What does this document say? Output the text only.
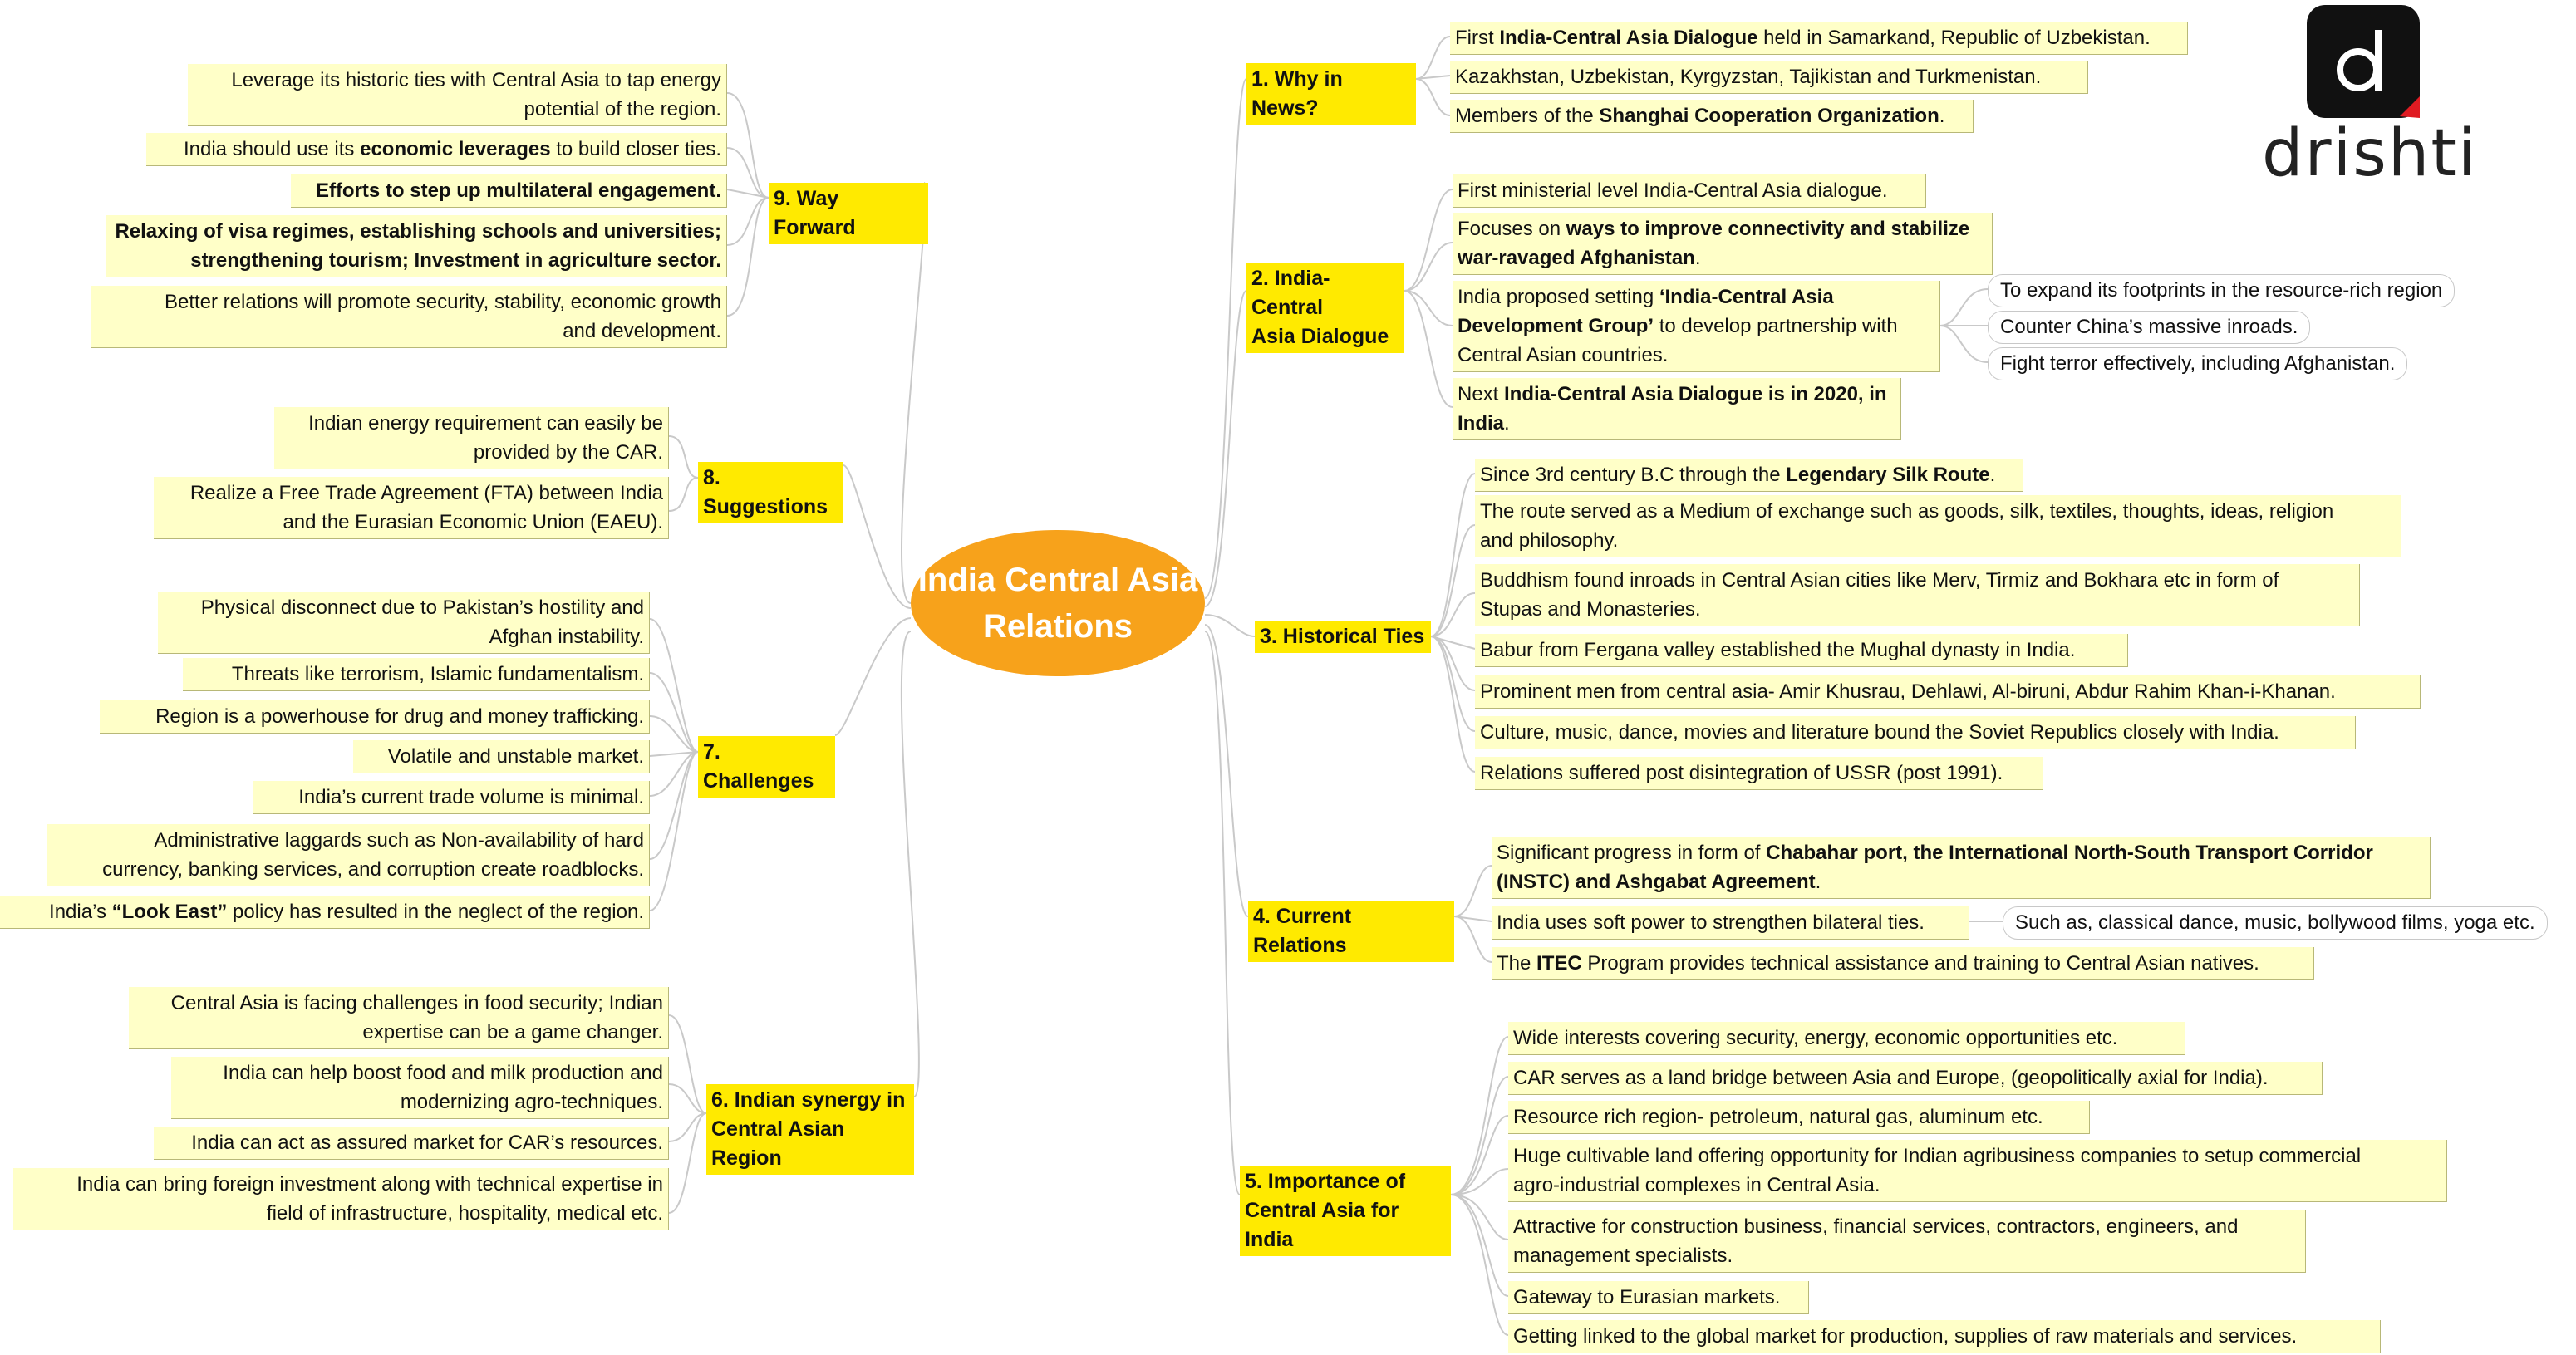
India Central Asia Relations
drishti
1. Why in News?
2. India-Central
Asia Dialogue
3. Historical Ties
4. Current Relations
5. Importance of
Central Asia for India
9. Way Forward
8. Suggestions
7. Challenges
6. Indian synergy in
Central Asian Region
First India-Central Asia Dialogue held in Samarkand, Republic of Uzbekistan.
Kazakhstan, Uzbekistan, Kyrgyzstan, Tajikistan and Turkmenistan.
Members of the Shanghai Cooperation Organization.
First ministerial level India-Central Asia dialogue.
Focuses on ways to improve connectivity and stabilize
war-ravaged Afghanistan.
India proposed setting ‘India-Central Asia
Development Group’ to develop partnership with
Central Asian countries.
Next India-Central Asia Dialogue is in 2020, in
India.
To expand its footprints in the resource-rich region
Counter China’s massive inroads.
Fight terror effectively, including Afghanistan.
Since 3rd century B.C through the Legendary Silk Route.
The route served as a Medium of exchange such as goods, silk, textiles, thoughts, ideas, religion
and philosophy.
Buddhism found inroads in Central Asian cities like Merv, Tirmiz and Bokhara etc in form of
Stupas and Monasteries.
Babur from Fergana valley established the Mughal dynasty in India.
Prominent men from central asia- Amir Khusrau, Dehlawi, Al-biruni, Abdur Rahim Khan-i-Khanan.
Culture, music, dance, movies and literature bound the Soviet Republics closely with India.
Relations suffered post disintegration of USSR (post 1991).
Significant progress in form of Chabahar port, the International North-South Transport Corridor
(INSTC) and Ashgabat Agreement.
India uses soft power to strengthen bilateral ties.
The ITEC Program provides technical assistance and training to Central Asian natives.
Such as, classical dance, music, bollywood films, yoga etc.
Wide interests covering security, energy, economic opportunities etc.
CAR serves as a land bridge between Asia and Europe, (geopolitically axial for India).
Resource rich region- petroleum, natural gas, aluminum etc.
Huge cultivable land offering opportunity for Indian agribusiness companies to setup commercial
agro-industrial complexes in Central Asia.
Attractive for construction business, financial services, contractors, engineers, and
management specialists.
Gateway to Eurasian markets.
Getting linked to the global market for production, supplies of raw materials and services.
Leverage its historic ties with Central Asia to tap energy
potential of the region.
India should use its economic leverages to build closer ties.
Efforts to step up multilateral engagement.
Relaxing of visa regimes, establishing schools and universities;
strengthening tourism; Investment in agriculture sector.
Better relations will promote security, stability, economic growth
and development.
Indian energy requirement can easily be
provided by the CAR.
Realize a Free Trade Agreement (FTA) between India
and the Eurasian Economic Union (EAEU).
Physical disconnect due to Pakistan’s hostility and
Afghan instability.
Threats like terrorism, Islamic fundamentalism.
Region is a powerhouse for drug and money trafficking.
Volatile and unstable market.
India’s current trade volume is minimal.
Administrative laggards such as Non-availability of hard
currency, banking services, and corruption create roadblocks.
India’s “Look East” policy has resulted in the neglect of the region.
Central Asia is facing challenges in food security; Indian
expertise can be a game changer.
India can help boost food and milk production and
modernizing agro-techniques.
India can act as assured market for CAR’s resources.
India can bring foreign investment along with technical expertise in
field of infrastructure, hospitality, medical etc.
